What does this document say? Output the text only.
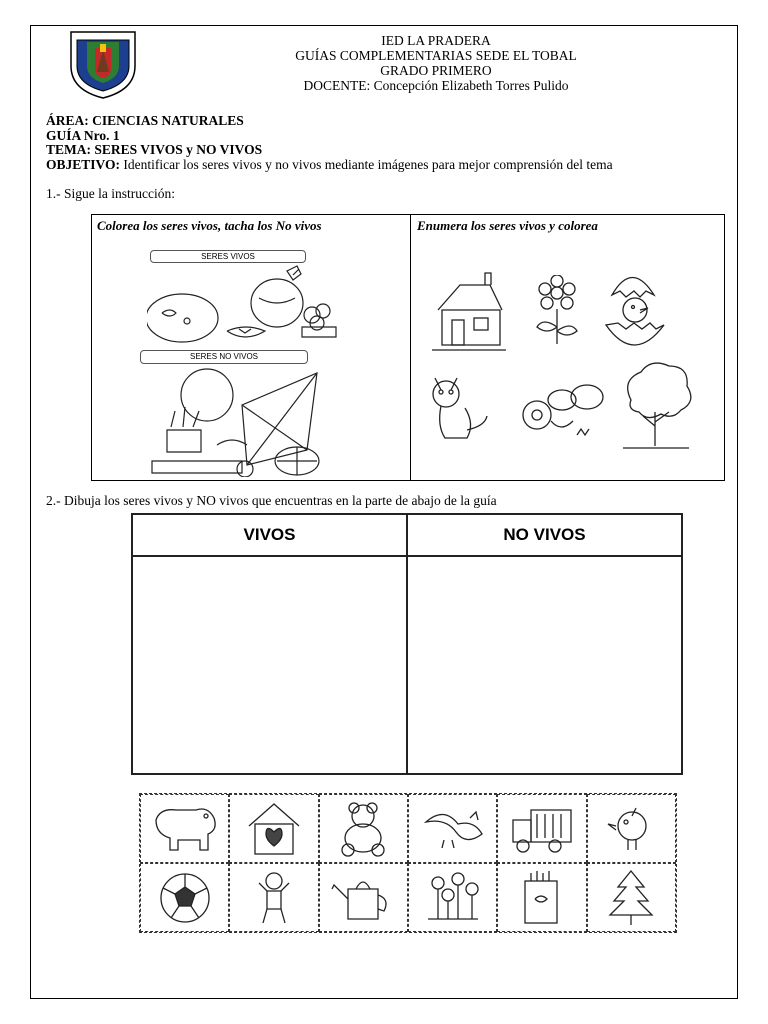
IED LA PRADERA
GUÍAS COMPLEMENTARIAS SEDE EL TOBAL
GRADO PRIMERO
DOCENTE: Concepción Elizabeth Torres Pulido
ÁREA: CIENCIAS NATURALES
GUÍA Nro. 1
TEMA: SERES VIVOS y NO VIVOS
OBJETIVO: Identificar los seres vivos y no vivos mediante imágenes para mejor comprensión del tema
1.- Sigue la instrucción:
Colorea los seres vivos, tacha los No vivos	Enumera los seres vivos y colorea
SERES VIVOS
SERES NO VIVOS
2.- Dibuja los seres vivos y NO vivos que encuentras en la parte de abajo de la guía
VIVOS	NO VIVOS
